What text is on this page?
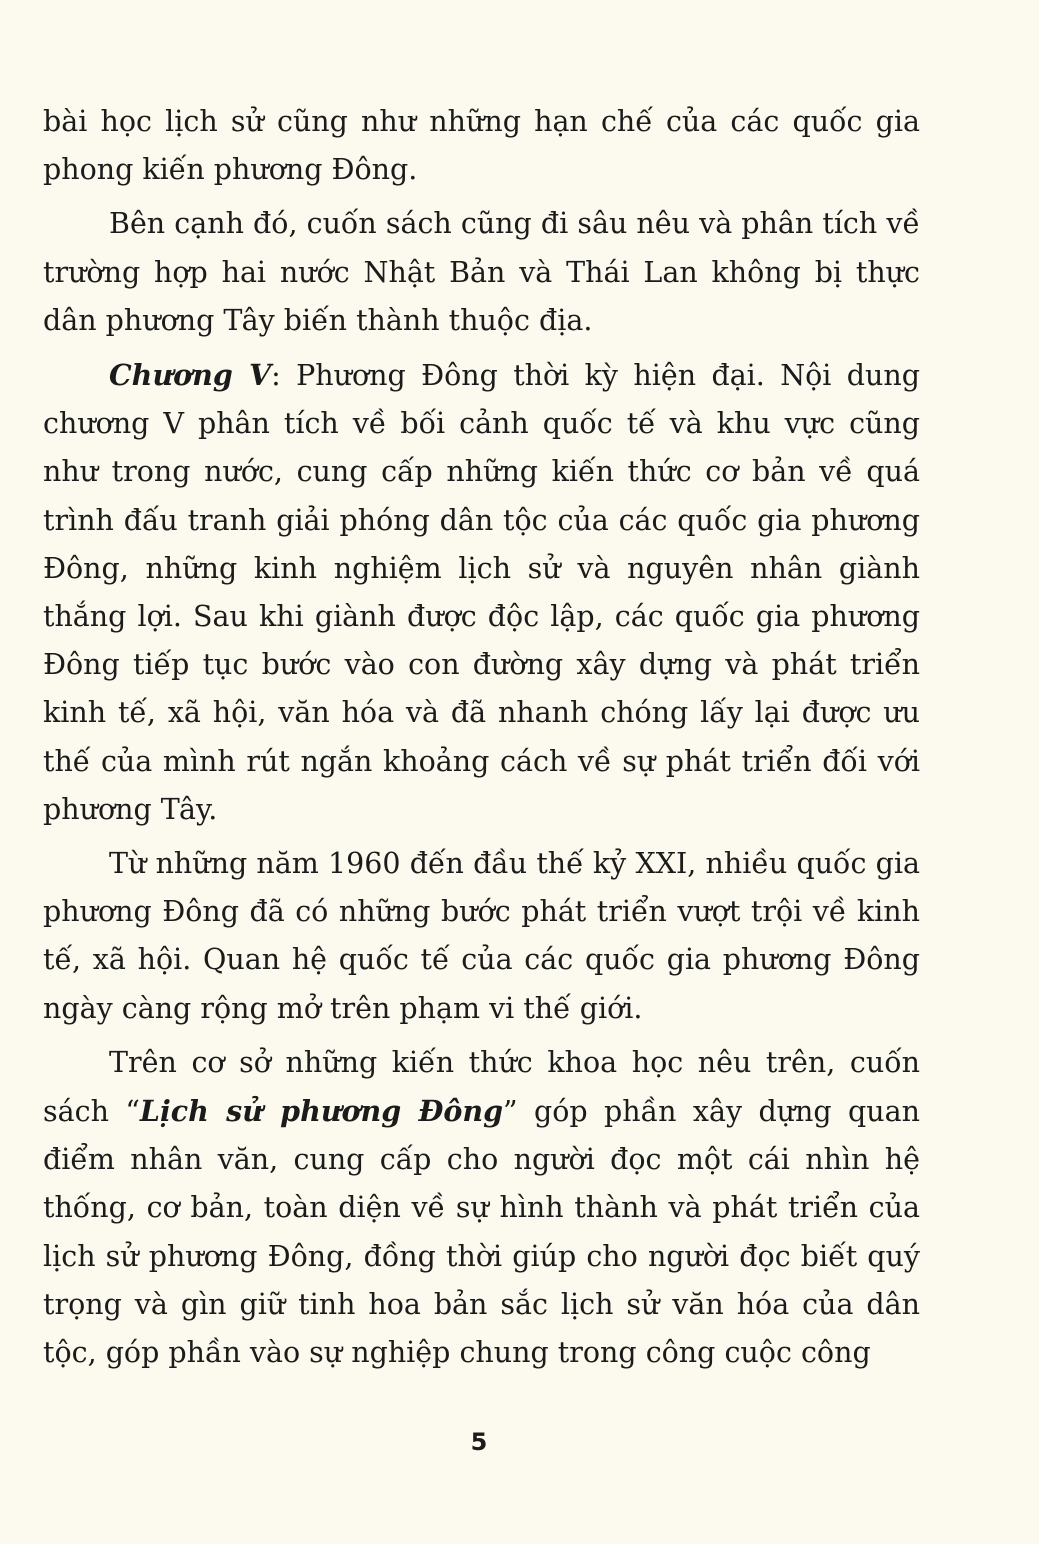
bài học lịch sử cũng như những hạn chế của các quốc gia phong kiến phương Đông.

Bên cạnh đó, cuốn sách cũng đi sâu nêu và phân tích về trường hợp hai nước Nhật Bản và Thái Lan không bị thực dân phương Tây biến thành thuộc địa.

Chương V: Phương Đông thời kỳ hiện đại. Nội dung chương V phân tích về bối cảnh quốc tế và khu vực cũng như trong nước, cung cấp những kiến thức cơ bản về quá trình đấu tranh giải phóng dân tộc của các quốc gia phương Đông, những kinh nghiệm lịch sử và nguyên nhân giành thắng lợi. Sau khi giành được độc lập, các quốc gia phương Đông tiếp tục bước vào con đường xây dựng và phát triển kinh tế, xã hội, văn hóa và đã nhanh chóng lấy lại được ưu thế của mình rút ngắn khoảng cách về sự phát triển đối với phương Tây.

Từ những năm 1960 đến đầu thế kỷ XXI, nhiều quốc gia phương Đông đã có những bước phát triển vượt trội về kinh tế, xã hội. Quan hệ quốc tế của các quốc gia phương Đông ngày càng rộng mở trên phạm vi thế giới.

Trên cơ sở những kiến thức khoa học nêu trên, cuốn sách “Lịch sử phương Đông” góp phần xây dựng quan điểm nhân văn, cung cấp cho người đọc một cái nhìn hệ thống, cơ bản, toàn diện về sự hình thành và phát triển của lịch sử phương Đông, đồng thời giúp cho người đọc biết quý trọng và gìn giữ tinh hoa bản sắc lịch sử văn hóa của dân tộc, góp phần vào sự nghiệp chung trong công cuộc công

5
